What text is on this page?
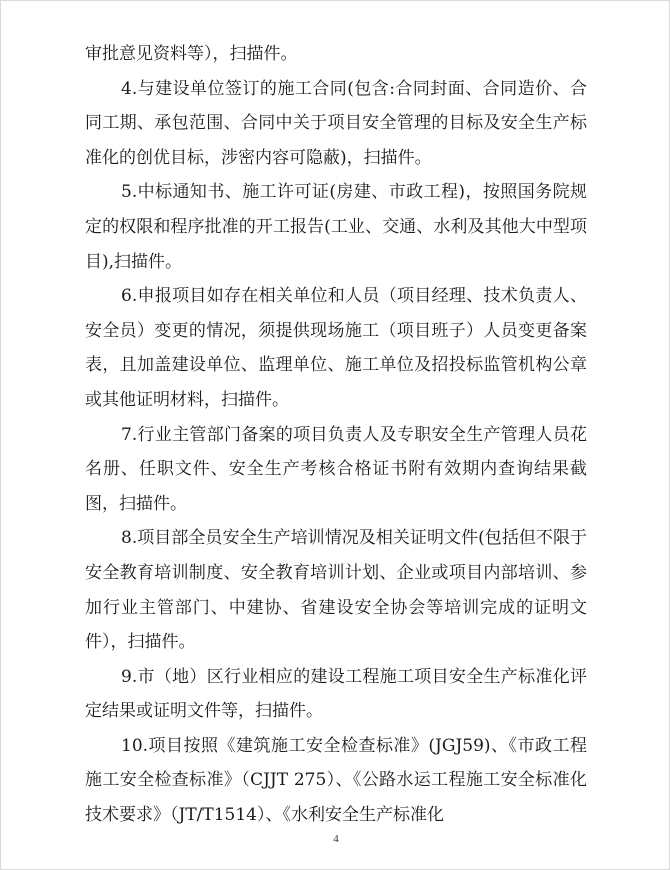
审批意见资料等），扫描件。

4.与建设单位签订的施工合同(包含:合同封面、合同造价、合同工期、承包范围、合同中关于项目安全管理的目标及安全生产标准化的创优目标，涉密内容可隐蔽)，扫描件。

5.中标通知书、施工许可证(房建、市政工程)，按照国务院规定的权限和程序批准的开工报告(工业、交通、水利及其他大中型项目),扫描件。

6.申报项目如存在相关单位和人员（项目经理、技术负责人、安全员）变更的情况，须提供现场施工（项目班子）人员变更备案表，且加盖建设单位、监理单位、施工单位及招投标监管机构公章或其他证明材料，扫描件。

7.行业主管部门备案的项目负责人及专职安全生产管理人员花名册、任职文件、安全生产考核合格证书附有效期内查询结果截图，扫描件。

8.项目部全员安全生产培训情况及相关证明文件(包括但不限于安全教育培训制度、安全教育培训计划、企业或项目内部培训、参加行业主管部门、中建协、省建设安全协会等培训完成的证明文件），扫描件。

9.市（地）区行业相应的建设工程施工项目安全生产标准化评定结果或证明文件等，扫描件。

10.项目按照《建筑施工安全检查标准》(JGJ59)、《市政工程施工安全检查标准》（CJJT 275）、《公路水运工程施工安全标准化技术要求》（JT/T1514）、《水利安全生产标准化

4
